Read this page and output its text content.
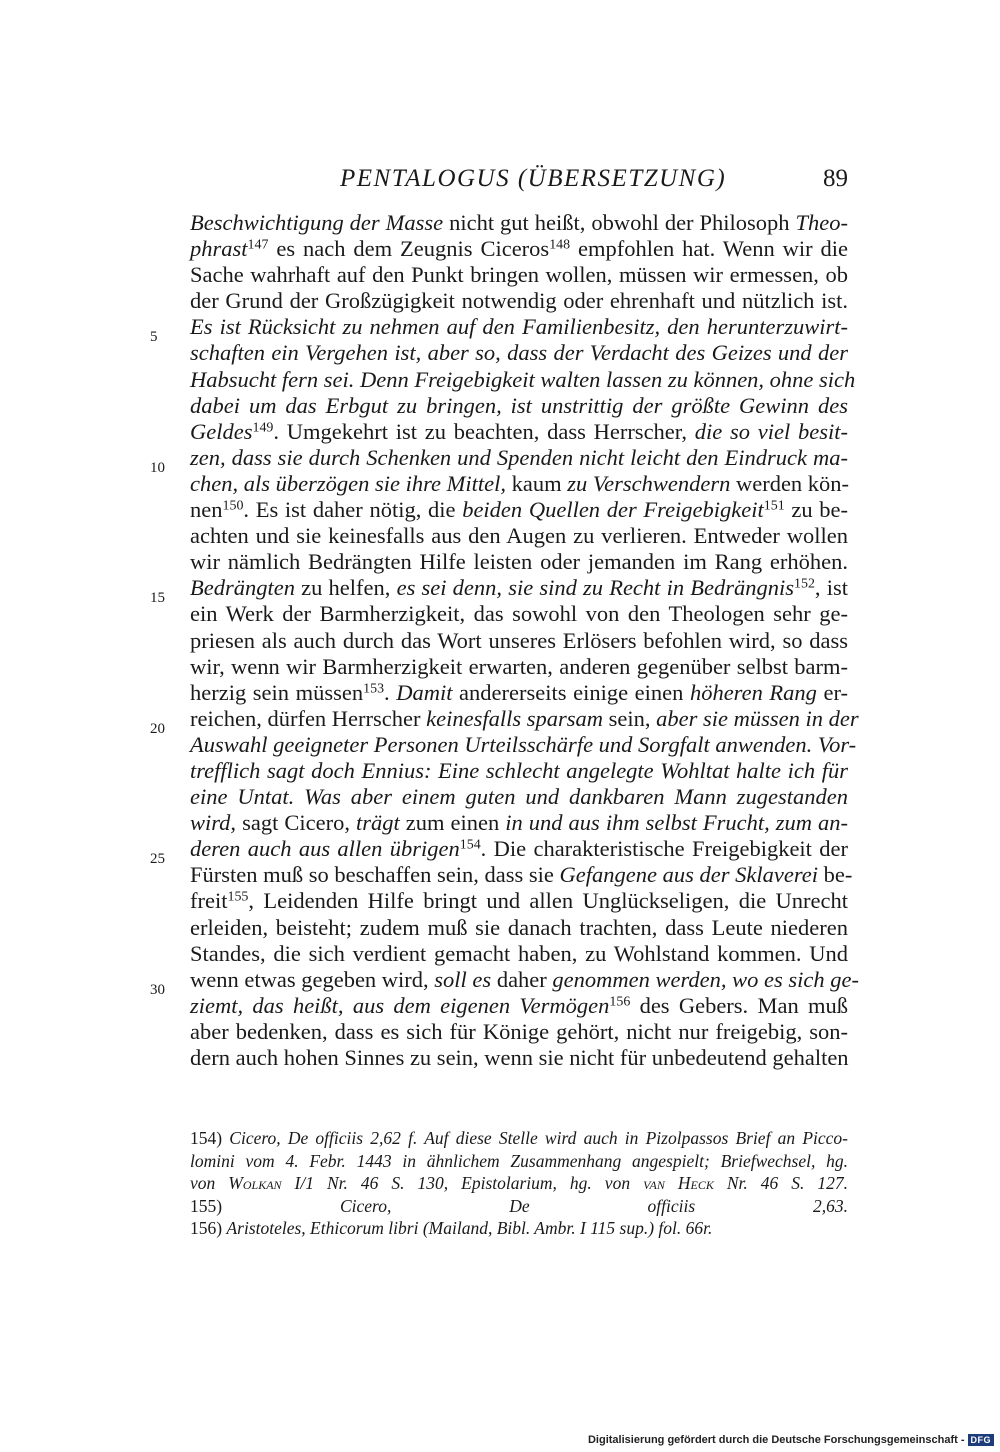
PENTALOGUS (ÜBERSETZUNG)	89
5
10
15
20
25
30
Beschwichtigung der Masse nicht gut heißt, obwohl der Philosoph Theo-
phrast$^{147}$ es nach dem Zeugnis Ciceros$^{148}$ empfohlen hat. Wenn wir die
Sache wahrhaft auf den Punkt bringen wollen, müssen wir ermessen, ob
der Grund der Großzügigkeit notwendig oder ehrenhaft und nützlich ist.
Es ist Rücksicht zu nehmen auf den Familienbesitz, den herunterzuwirt-
schaften ein Vergehen ist, aber so, dass der Verdacht des Geizes und der
Habsucht fern sei. Denn Freigebigkeit walten lassen zu können, ohne sich
dabei um das Erbgut zu bringen, ist unstrittig der größte Gewinn des
Geldes$^{149}$. Umgekehrt ist zu beachten, dass Herrscher, die so viel besit-
zen, dass sie durch Schenken und Spenden nicht leicht den Eindruck ma-
chen, als überzögen sie ihre Mittel, kaum zu Verschwendern werden kön-
nen$^{150}$. Es ist daher nötig, die beiden Quellen der Freigebigkeit$^{151}$ zu be-
achten und sie keinesfalls aus den Augen zu verlieren. Entweder wollen
wir nämlich Bedrängten Hilfe leisten oder jemanden im Rang erhöhen.
Bedrängten zu helfen, es sei denn, sie sind zu Recht in Bedrängnis$^{152}$, ist
ein Werk der Barmherzigkeit, das sowohl von den Theologen sehr ge-
priesen als auch durch das Wort unseres Erlösers befohlen wird, so dass
wir, wenn wir Barmherzigkeit erwarten, anderen gegenüber selbst barm-
herzig sein müssen$^{153}$. Damit andererseits einige einen höheren Rang er-
reichen, dürfen Herrscher keinesfalls sparsam sein, aber sie müssen in der
Auswahl geeigneter Personen Urteilsschärfe und Sorgfalt anwenden. Vor-
trefflich sagt doch Ennius: Eine schlecht angelegte Wohltat halte ich für
eine Untat. Was aber einem guten und dankbaren Mann zugestanden
wird, sagt Cicero, trägt zum einen in und aus ihm selbst Frucht, zum an-
deren auch aus allen übrigen$^{154}$. Die charakteristische Freigebigkeit der
Fürsten muß so beschaffen sein, dass sie Gefangene aus der Sklaverei be-
freit$^{155}$, Leidenden Hilfe bringt und allen Unglückseligen, die Unrecht
erleiden, beisteht; zudem muß sie danach trachten, dass Leute niederen
Standes, die sich verdient gemacht haben, zu Wohlstand kommen. Und
wenn etwas gegeben wird, soll es daher genommen werden, wo es sich ge-
ziemt, das heißt, aus dem eigenen Vermögen$^{156}$ des Gebers. Man muß
aber bedenken, dass es sich für Könige gehört, nicht nur freigebig, son-
dern auch hohen Sinnes zu sein, wenn sie nicht für unbedeutend gehalten
154) Cicero, De officiis 2,62 f. Auf diese Stelle wird auch in Pizolpassos Brief an Picco-
lomini vom 4. Febr. 1443 in ähnlichem Zusammenhang angespielt; Briefwechsel, hg.
von Wolkan I/1 Nr. 46 S. 130, Epistolarium, hg. von van Heck Nr. 46 S. 127.
155) Cicero, De officiis 2,63.
156) Aristoteles, Ethicorum libri (Mailand, Bibl. Ambr. I 115 sup.) fol. 66r.
Digitalisierung gefördert durch die Deutsche Forschungsgemeinschaft - DFG
